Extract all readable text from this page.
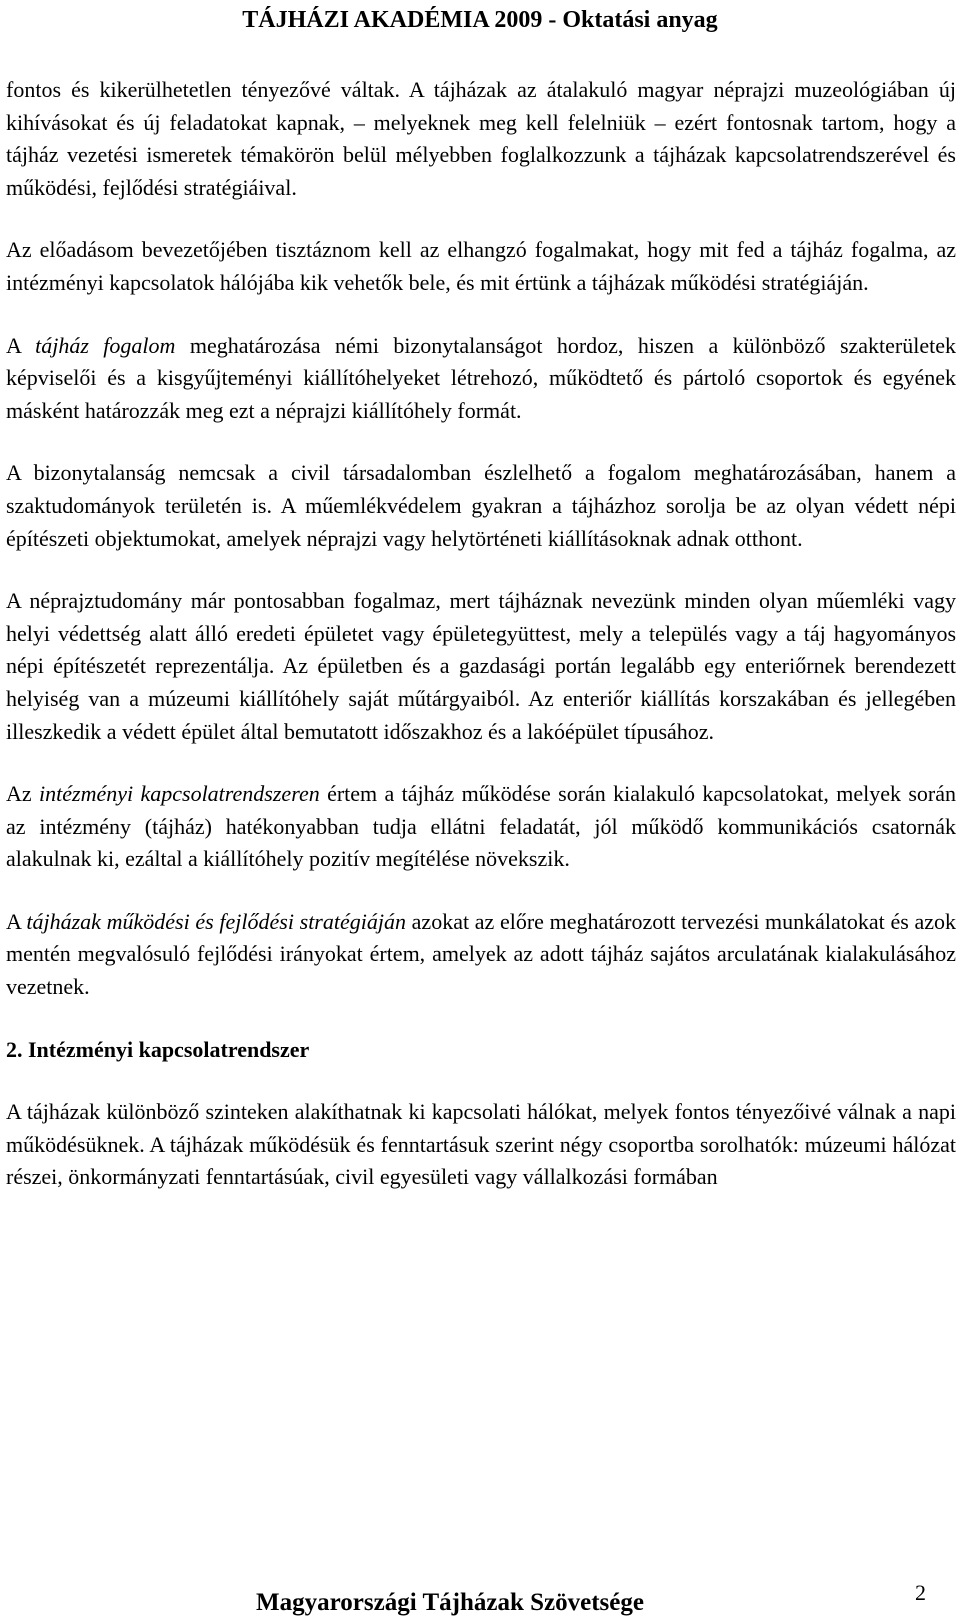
TÁJHÁZI AKADÉMIA 2009 - Oktatási anyag

fontos és kikerülhetetlen tényezővé váltak. A tájházak az átalakuló magyar néprajzi muzeológiában új kihívásokat és új feladatokat kapnak, – melyeknek meg kell felelniük – ezért fontosnak tartom, hogy a tájház vezetési ismeretek témakörön belül mélyebben foglalkozzunk a tájházak kapcsolatrendszerével és működési, fejlődési stratégiáival.

Az előadásom bevezetőjében tisztáznom kell az elhangzó fogalmakat, hogy mit fed a tájház fogalma, az intézményi kapcsolatok hálójába kik vehetők bele, és mit értünk a tájházak működési stratégiáján.

A tájház fogalom meghatározása némi bizonytalanságot hordoz, hiszen a különböző szakterületek képviselői és a kisgyűjteményi kiállítóhelyeket létrehozó, működtető és pártoló csoportok és egyének másként határozzák meg ezt a néprajzi kiállítóhely formát.

A bizonytalanság nemcsak a civil társadalomban észlelhető a fogalom meghatározásában, hanem a szaktudományok területén is. A műemlékvédelem gyakran a tájházhoz sorolja be az olyan védett népi építészeti objektumokat, amelyek néprajzi vagy helytörténeti kiállításoknak adnak otthont.

A néprajztudomány már pontosabban fogalmaz, mert tájháznak nevezünk minden olyan műemléki vagy helyi védettség alatt álló eredeti épületet vagy épületegyüttest, mely a település vagy a táj hagyományos népi építészetét reprezentálja. Az épületben és a gazdasági portán legalább egy enteriőrnek berendezett helyiség van a múzeumi kiállítóhely saját műtárgyaiból. Az enteriőr kiállítás korszakában és jellegében illeszkedik a védett épület által bemutatott időszakhoz és a lakóépület típusához.

Az intézményi kapcsolatrendszeren értem a tájház működése során kialakuló kapcsolatokat, melyek során az intézmény (tájház) hatékonyabban tudja ellátni feladatát, jól működő kommunikációs csatornák alakulnak ki, ezáltal a kiállítóhely pozitív megítélése növekszik.

A tájházak működési és fejlődési stratégiáján azokat az előre meghatározott tervezési munkálatokat és azok mentén megvalósuló fejlődési irányokat értem, amelyek az adott tájház sajátos arculatának kialakulásához vezetnek.

2. Intézményi kapcsolatrendszer

A tájházak különböző szinteken alakíthatnak ki kapcsolati hálókat, melyek fontos tényezőivé válnak a napi működésüknek. A tájházak működésük és fenntartásuk szerint négy csoportba sorolhatók: múzeumi hálózat részei, önkormányzati fenntartásúak, civil egyesületi vagy vállalkozási formában

Magyarországi Tájházak Szövetsége	2
